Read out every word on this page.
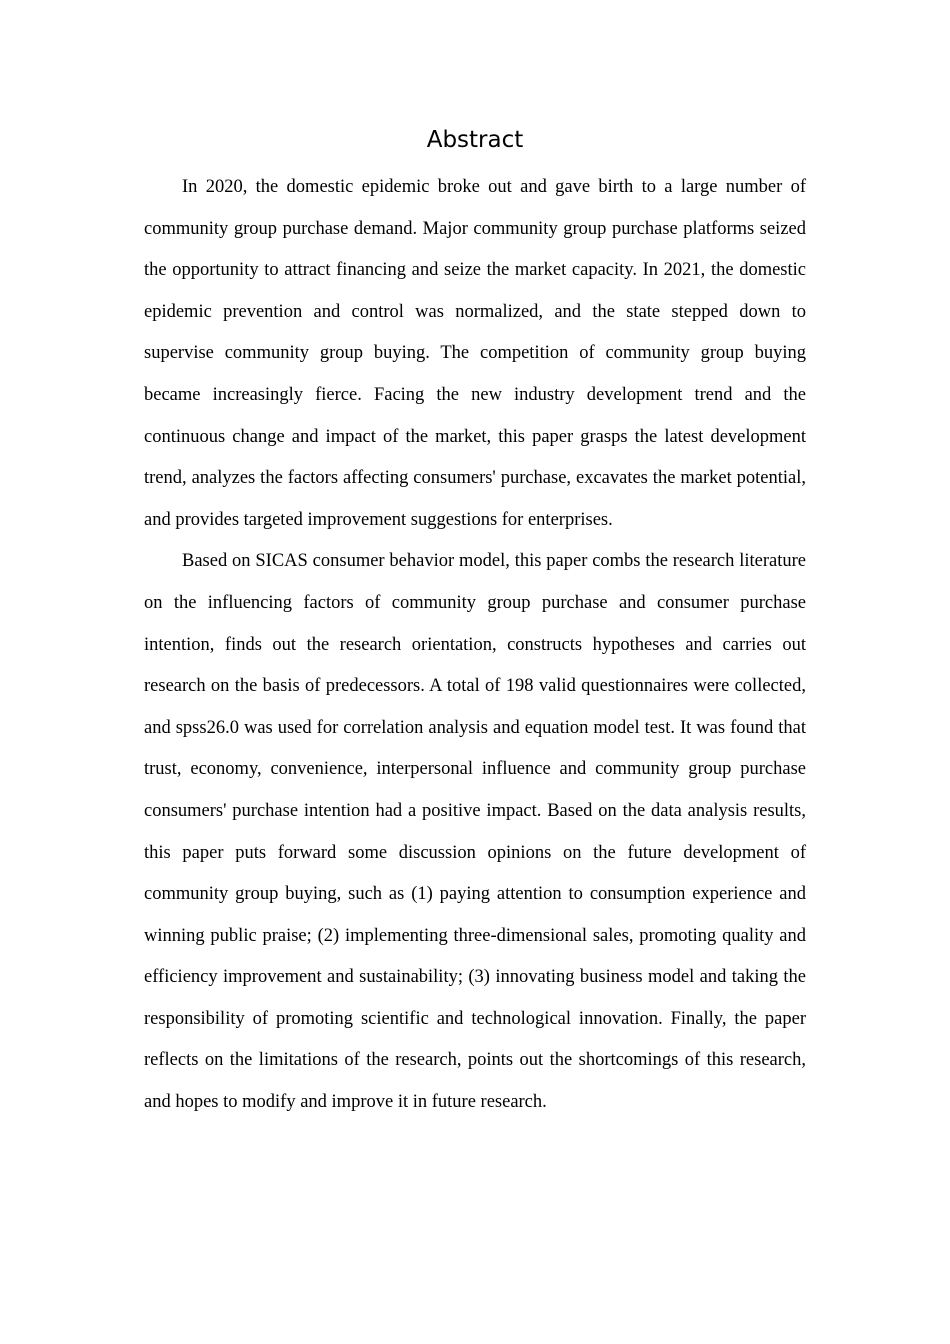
Abstract

In 2020, the domestic epidemic broke out and gave birth to a large number of community group purchase demand. Major community group purchase platforms seized the opportunity to attract financing and seize the market capacity. In 2021, the domestic epidemic prevention and control was normalized, and the state stepped down to supervise community group buying. The competition of community group buying became increasingly fierce. Facing the new industry development trend and the continuous change and impact of the market, this paper grasps the latest development trend, analyzes the factors affecting consumers' purchase, excavates the market potential, and provides targeted improvement suggestions for enterprises.

Based on SICAS consumer behavior model, this paper combs the research literature on the influencing factors of community group purchase and consumer purchase intention, finds out the research orientation, constructs hypotheses and carries out research on the basis of predecessors. A total of 198 valid questionnaires were collected, and spss26.0 was used for correlation analysis and equation model test. It was found that trust, economy, convenience, interpersonal influence and community group purchase consumers' purchase intention had a positive impact. Based on the data analysis results, this paper puts forward some discussion opinions on the future development of community group buying, such as (1) paying attention to consumption experience and winning public praise; (2) implementing three-dimensional sales, promoting quality and efficiency improvement and sustainability; (3) innovating business model and taking the responsibility of promoting scientific and technological innovation. Finally, the paper reflects on the limitations of the research, points out the shortcomings of this research, and hopes to modify and improve it in future research.
